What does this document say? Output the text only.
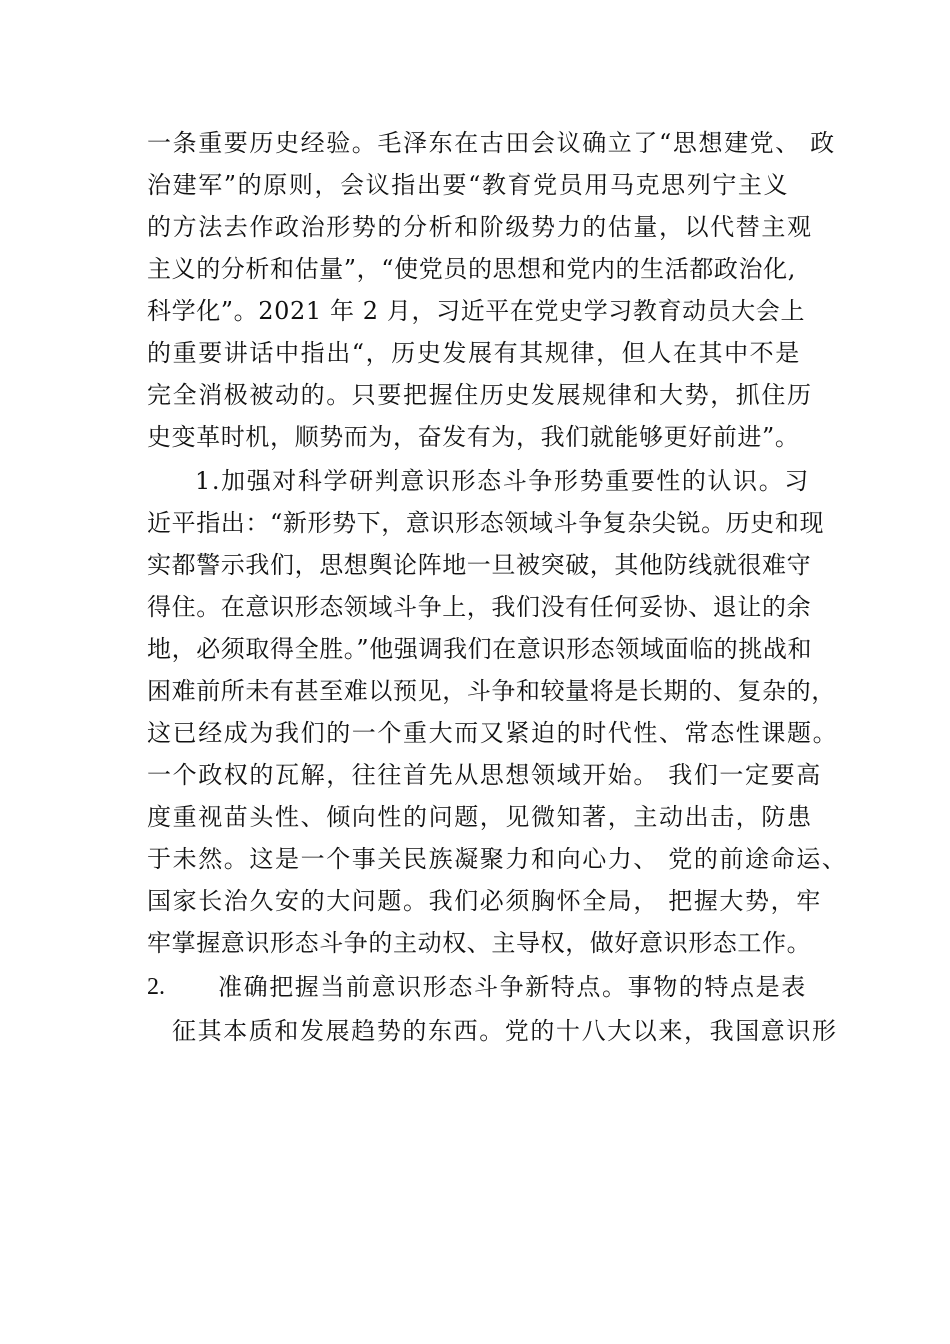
一条重要历史经验。毛泽东在古田会议确立了“思想建党、 政
治建军”的原则，会议指出要“教育党员用马克思列宁主义
的方法去作政治形势的分析和阶级势力的估量，以代替主观
主义的分析和估量”，“使党员的思想和党内的生活都政治化,
科学化”。2021 年 2 月，习近平在党史学习教育动员大会上
的重要讲话中指出“，历史发展有其规律，但人在其中不是
完全消极被动的。只要把握住历史发展规律和大势，抓住历
史变革时机，顺势而为，奋发有为，我们就能够更好前进”。
1.加强对科学研判意识形态斗争形势重要性的认识。习
近平指出：“新形势下，意识形态领域斗争复杂尖锐。历史和现
实都警示我们，思想舆论阵地一旦被突破，其他防线就很难守
得住。在意识形态领域斗争上，我们没有任何妥协、退让的余
地，必须取得全胜。”他强调我们在意识形态领域面临的挑战和
困难前所未有甚至难以预见，斗争和较量将是长期的、复杂的，
这已经成为我们的一个重大而又紧迫的时代性、常态性课题。
一个政权的瓦解，往往首先从思想领域开始。 我们一定要高
度重视苗头性、倾向性的问题，见微知著，主动出击，防患
于未然。这是一个事关民族凝聚力和向心力、 党的前途命运、
国家长治久安的大问题。我们必须胸怀全局， 把握大势，牢
牢掌握意识形态斗争的主动权、主导权，做好意识形态工作。
2. 准确把握当前意识形态斗争新特点。事物的特点是表
征其本质和发展趋势的东西。党的十八大以来，我国意识形
